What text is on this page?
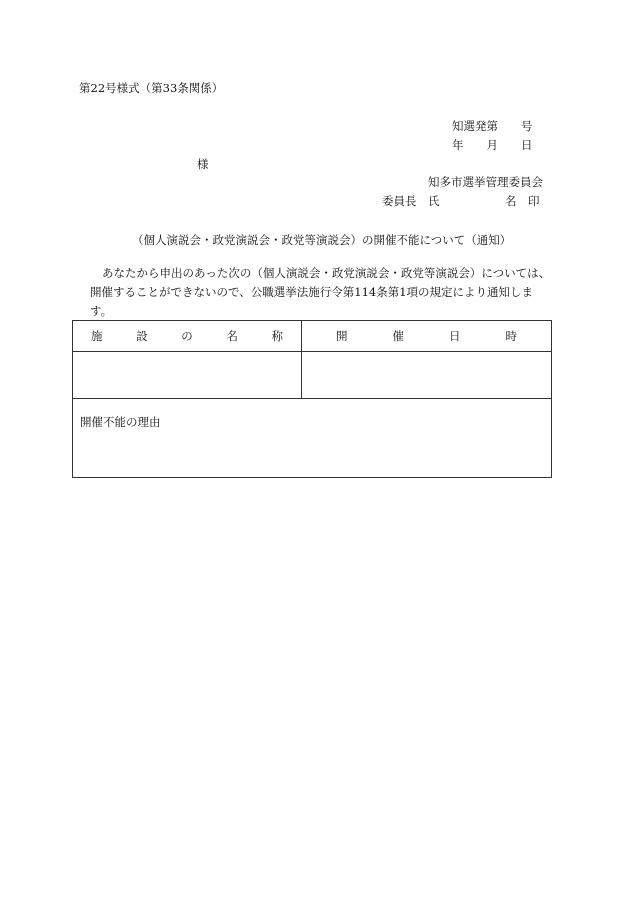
第22号様式（第33条関係）
知選発第　　号
年　　月　　日
様
知多市選挙管理委員会
委員長　氏	名　印
（個人演説会・政党演説会・政党等演説会）の開催不能について（通知）
あなたから申出のあった次の（個人演説会・政党演説会・政党等演説会）については、開催することができないので、公職選挙法施行令第114条第1項の規定により通知します。
施 設 の 名 称	開 催 日 時

開催不能の理由	
